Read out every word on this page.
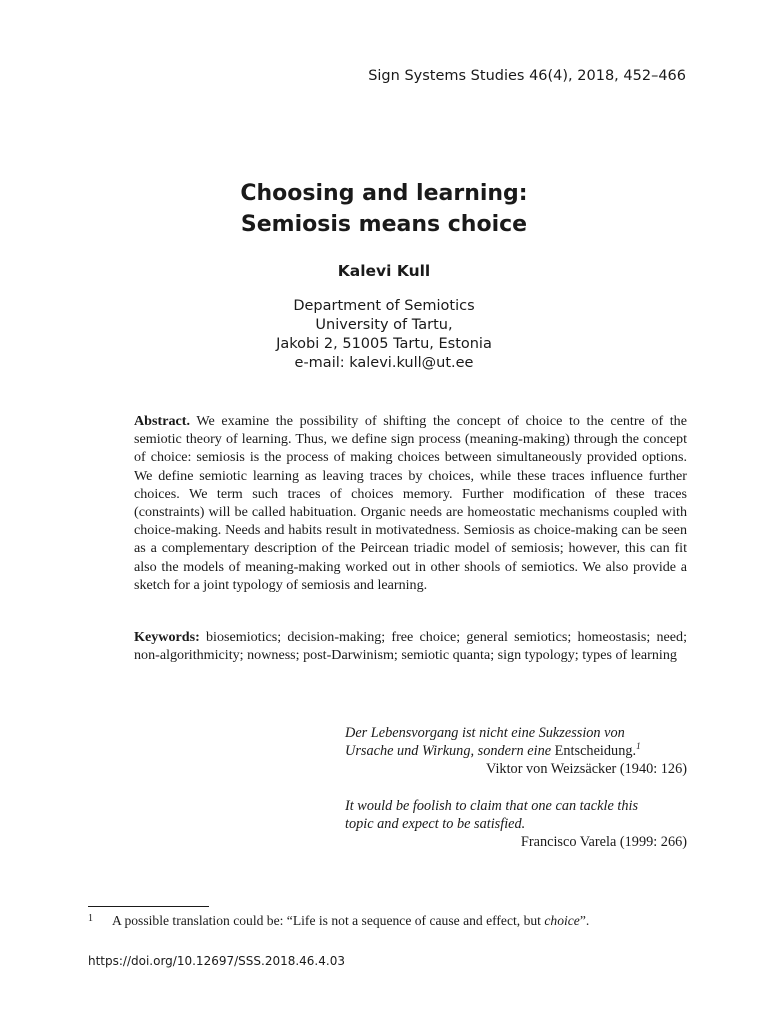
Sign Systems Studies 46(4), 2018, 452–466
Choosing and learning:
Semiosis means choice
Kalevi Kull
Department of Semiotics
University of Tartu,
Jakobi 2, 51005 Tartu, Estonia
e-mail: kalevi.kull@ut.ee
Abstract. We examine the possibility of shifting the concept of choice to the centre of the semiotic theory of learning. Thus, we define sign process (meaning-making) through the concept of choice: semiosis is the process of making choices between simultaneously provided options. We define semiotic learning as leaving traces by choices, while these traces influence further choices. We term such traces of choices memory. Further modification of these traces (constraints) will be called habituation. Organic needs are homeostatic mechanisms coupled with choice-making. Needs and habits result in motivatedness. Semiosis as choice-making can be seen as a complementary description of the Peircean triadic model of semiosis; however, this can fit also the models of meaning-making worked out in other shools of semiotics. We also provide a sketch for a joint typology of semiosis and learning.
Keywords: biosemiotics; decision-making; free choice; general semiotics; homeostasis; need; non-algorithmicity; nowness; post-Darwinism; semiotic quanta; sign typology; types of learning
Der Lebensvorgang ist nicht eine Sukzession von
Ursache und Wirkung, sondern eine Entscheidung.$^1$
Viktor von Weizsäcker (1940: 126)
It would be foolish to claim that one can tackle this
topic and expect to be satisfied.
Francisco Varela (1999: 266)
1 A possible translation could be: “Life is not a sequence of cause and effect, but choice”.
https://doi.org/10.12697/SSS.2018.46.4.03
